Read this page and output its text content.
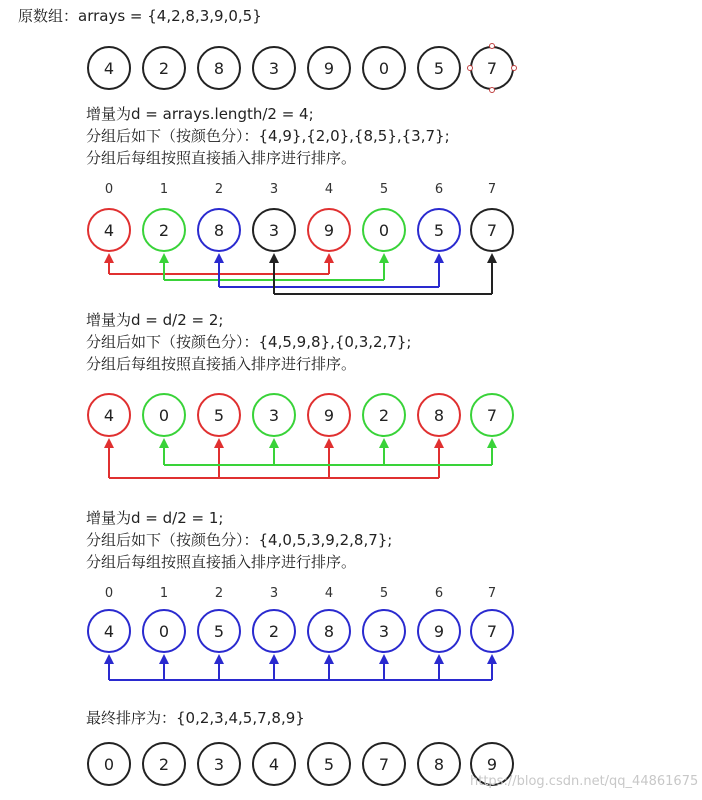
原数组：arrays = {4,2,8,3,9,0,5}
4	2	8	3	9	0	5	7
增量为d = arrays.length/2 = 4;
分组后如下（按颜色分）：{4,9},{2,0},{8,5},{3,7};
分组后每组按照直接插入排序进行排序。
0	1	2	3	4	5	6	7
4	2	8	3	9	0	5	7
增量为d = d/2 = 2;
分组后如下（按颜色分）：{4,5,9,8},{0,3,2,7};
分组后每组按照直接插入排序进行排序。
4	0	5	3	9	2	8	7
增量为d = d/2 = 1;
分组后如下（按颜色分）：{4,0,5,3,9,2,8,7};
分组后每组按照直接插入排序进行排序。
0	1	2	3	4	5	6	7
4	0	5	2	8	3	9	7
最终排序为：{0,2,3,4,5,7,8,9}
0	2	3	4	5	7	8	9
https://blog.csdn.net/qq_44861675
